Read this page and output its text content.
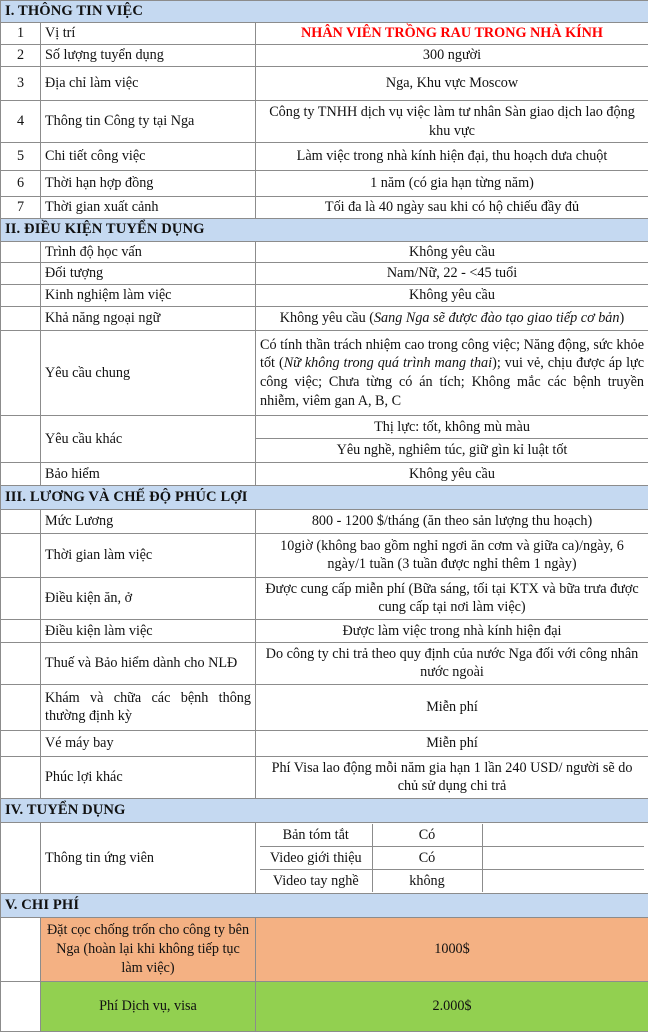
I. THÔNG TIN VIỆC
1	Vị trí	NHÂN VIÊN TRỒNG RAU TRONG NHÀ KÍNH
2	Số lượng tuyển dụng	300 người
3	Địa chỉ làm việc	Nga, Khu vực Moscow
4	Thông tin Công ty tại Nga	Công ty TNHH dịch vụ việc làm tư nhân Sàn giao dịch lao động khu vực
5	Chi tiết công việc	Làm việc trong nhà kính hiện đại, thu hoạch dưa chuột
6	Thời hạn hợp đồng	1 năm (có gia hạn từng năm)
7	Thời gian xuất cảnh	Tối đa là 40 ngày sau khi có hộ chiếu đầy đủ
II. ĐIỀU KIỆN TUYỂN DỤNG
	Trình độ học vấn	Không yêu cầu
	Đối tượng	Nam/Nữ, 22 - <45 tuổi
	Kinh nghiệm làm việc	Không yêu cầu
	Khả năng ngoại ngữ	Không yêu cầu (Sang Nga sẽ được đào tạo giao tiếp cơ bản)
	Yêu cầu chung	Có tính thần trách nhiệm cao trong công việc; Năng động, sức khỏe tốt (Nữ không trong quá trình mang thai); vui vẻ, chịu được áp lực công việc; Chưa từng có án tích; Không mắc các bệnh truyền nhiễm, viêm gan A, B, C
	Yêu cầu khác	Thị lực: tốt, không mù màu
Yêu nghề, nghiêm túc, giữ gìn kỉ luật tốt
	Bảo hiểm	Không yêu cầu
III. LƯƠNG VÀ CHẾ ĐỘ PHÚC LỢI
	Mức Lương	800 - 1200 $/tháng (ăn theo sản lượng thu hoạch)
	Thời gian làm việc	10giờ (không bao gồm nghỉ ngơi ăn cơm và giữa ca)/ngày, 6 ngày/1 tuần (3 tuần được nghỉ thêm 1 ngày)
	Điều kiện ăn, ở	Được cung cấp miễn phí (Bữa sáng, tối tại KTX và bữa trưa được cung cấp tại nơi làm việc)
	Điều kiện làm việc	Được làm việc trong nhà kính hiện đại
	Thuế và Bảo hiểm dành cho NLĐ	Do công ty chi trả theo quy định của nước Nga đối với công nhân nước ngoài
	Khám và chữa các bệnh thông thường định kỳ	Miễn phí
	Vé máy bay	Miễn phí
	Phúc lợi khác	Phí Visa lao động mỗi năm gia hạn 1 lần 240 USD/ người sẽ do chủ sử dụng chi trả
IV. TUYỂN DỤNG
	Thông tin ứng viên	
Bản tóm tắt	Có	
Video giới thiệu	Có	
Video tay nghề	không	

V. CHI PHÍ
	Đặt cọc chống trốn cho công ty bên Nga (hoàn lại khi không tiếp tục làm việc)	1000$
	Phí Dịch vụ, visa	2.000$
